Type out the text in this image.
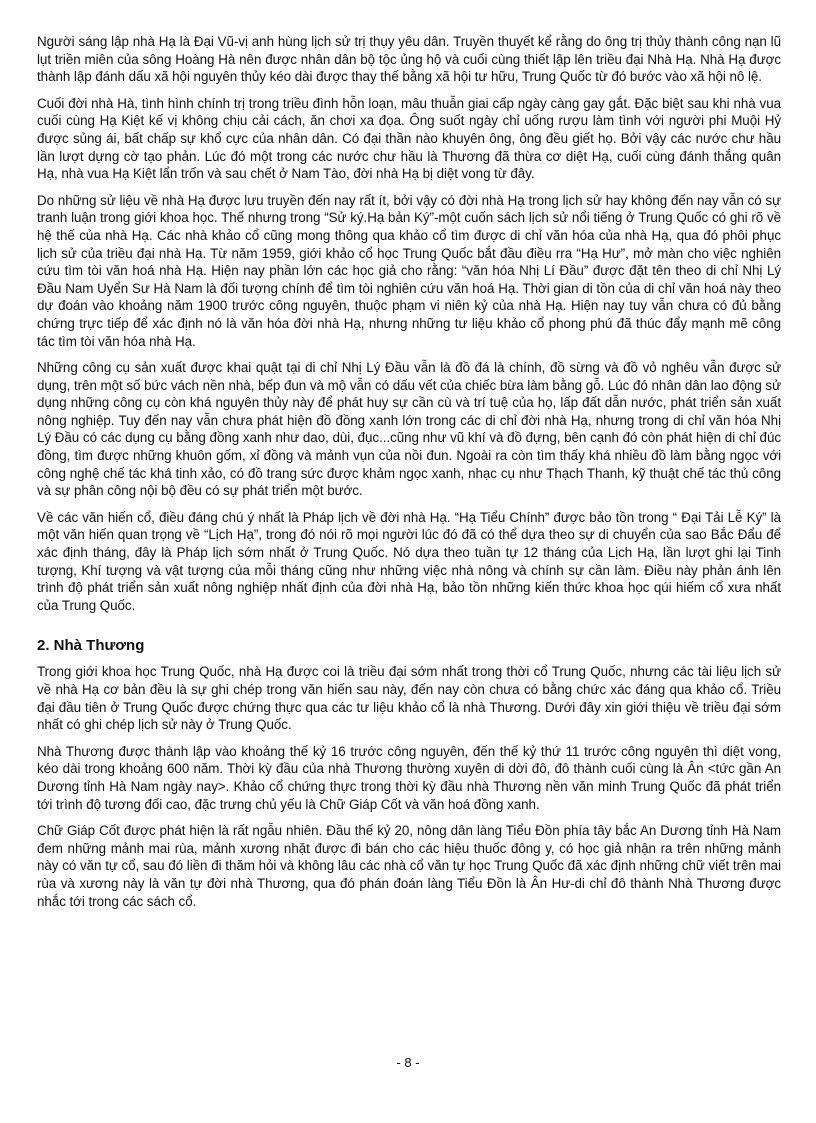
Người sáng lập nhà Hạ là Đại Vũ-vị anh hùng lịch sử trị thụy yêu dân. Truyền thuyết kể rằng do ông trị thủy thành công nạn lũ lụt triền miên của sông Hoàng Hà nên được nhân dân bộ tộc ủng hộ và cuối cùng thiết lập lên triều đại Nhà Hạ. Nhà Hạ được thành lập đánh dấu xã hội nguyên thủy kéo dài được thay thế bằng xã hội tư hữu, Trung Quốc từ đó bước vào xã hội nô lệ.

Cuối đời nhà Hà, tình hình chính trị trong triều đình hỗn loạn, mâu thuẫn giai cấp ngày càng gay gắt. Đặc biệt sau khi nhà vua cuối cùng Hạ Kiệt kế vị không chịu cải cách, ăn chơi xa đọa. Ông suốt ngày chỉ uống rượu làm tình với người phi Muội Hỷ được sủng ái, bất chấp sự khổ cực của nhân dân. Có đại thần nào khuyên ông, ông đều giết họ. Bởi vậy các nước chư hầu lần lượt dựng cờ tạo phản. Lúc đó một trong các nước chư hầu là Thương đã thừa cơ diệt Hạ, cuối cùng đánh thắng quân Hạ, nhà vua Hạ Kiệt lẩn trốn và sau chết ở Nam Tào, đời nhà Hạ bị diệt vong từ đây.

Do những sử liệu về nhà Hạ được lưu truyền đến nay rất ít, bởi vậy có đời nhà Hạ trong lịch sử hay không đến nay vẫn có sự tranh luận trong giới khoa học. Thế nhưng trong “Sử ký.Hạ bản Ký”-một cuốn sách lịch sử nổi tiếng ở Trung Quốc có ghi rõ về hệ thế của nhà Hạ. Các nhà khảo cổ cũng mong thông qua khảo cổ tìm được di chỉ văn hóa của nhà Hạ, qua đó phôi phục lịch sử của triều đại nhà Hạ. Từ năm 1959, giới khảo cổ học Trung Quốc bắt đầu điều rra “Hạ Hư”, mở màn cho việc nghiên cứu tìm tòi văn hoá nhà Hạ. Hiện nay phần lớn các học giả cho rằng: “văn hóa Nhị Lí Đầu” được đặt tên theo di chỉ Nhị Lý Đầu Nam Uyển Sư Hà Nam là đối tượng chính để tìm tòi nghiên cứu văn hoá Hạ. Thời gian di tồn của di chỉ văn hoá này theo dự đoán vào khoảng năm 1900 trước công nguyên, thuộc phạm vi niên kỷ của nhà Hạ. Hiện nay tuy vẫn chưa có đủ bằng chứng trực tiếp để xác định nó là văn hóa đời nhà Hạ, nhưng những tư liệu khảo cổ phong phú đã thúc đẩy mạnh mẽ công tác tìm tòi văn hóa nhà Hạ.

Những công cụ sản xuất được khai quật tại di chỉ Nhị Lý Đầu vẫn là đồ đá là chính, đồ sừng và đồ vỏ nghêu vẫn được sử dụng, trên một số bức vách nền nhà, bếp đun và mộ vẫn có dấu vết của chiếc bừa làm bằng gỗ. Lúc đó nhân dân lao động sử dụng những công cụ còn khá nguyên thủy này để phát huy sự cần cù và trí tuệ của họ, lấp đất dẫn nước, phát triển sản xuất nông nghiệp. Tuy đến nay vẫn chưa phát hiện đồ đồng xanh lớn trong các di chỉ đời nhà Hạ, nhưng trong di chỉ văn hóa Nhị Lý Đầu có các dụng cụ bằng đồng xanh như dao, dùi, đục...cũng như vũ khí và đồ đựng, bên cạnh đó còn phát hiện di chỉ đúc đồng, tìm được những khuôn gốm, xỉ đồng và mảnh vụn của nồi đun. Ngoài ra còn tìm thấy khá nhiều đồ làm bằng ngọc với công nghệ chế tác khá tinh xảo, có đồ trang sức được khảm ngọc xanh, nhạc cụ như Thạch Thanh, kỹ thuật chế tác thủ công và sự phân công nội bộ đều có sự phát triển một bước.

Về các văn hiến cổ, điều đáng chú ý nhất là Pháp lịch về đời nhà Hạ. “Hạ Tiểu Chính” được bảo tồn trong “ Đại Tải Lễ Ký” là một văn hiến quan trọng về “Lịch Hạ”, trong đó nói rõ mọi người lúc đó đã có thể dựa theo sự di chuyển của sao Bắc Đẩu để xác định tháng, đây là Pháp lịch sớm nhất ở Trung Quốc. Nó dựa theo tuần tự 12 tháng của Lịch Hạ, lần lượt ghi lại Tinh tượng, Khí tượng và vật tượng của mỗi tháng cũng như những việc nhà nông và chính sự cần làm. Điều này phản ánh lên trình độ phát triển sản xuất nông nghiệp nhất định của đời nhà Hạ, bảo tồn những kiến thức khoa học qúi hiếm cổ xưa nhất của Trung Quốc.

2. Nhà Thương

Trong giới khoa học Trung Quốc, nhà Hạ được coi là triều đại sớm nhất trong thời cổ Trung Quốc, nhưng các tài liệu lịch sử về nhà Hạ cơ bản đều là sự ghi chép trong văn hiến sau này, đến nay còn chưa có bằng chức xác đáng qua khảo cổ. Triều đại đầu tiên ở Trung Quốc được chứng thực qua các tư liệu khảo cổ là nhà Thương. Dưới đây xin giới thiệu về triều đại sớm nhất có ghi chép lịch sử này ở Trung Quốc.

Nhà Thương được thành lập vào khoảng thế kỷ 16 trước công nguyên, đến thế kỷ thứ 11 trước công nguyên thì diệt vong, kéo dài trong khoảng 600 năm. Thời kỳ đầu của nhà Thương thường xuyên di dời đô, đô thành cuối cùng là Ân <tức gần An Dương tỉnh Hà Nam ngày nay>. Khảo cổ chứng thực trong thời kỳ đầu nhà Thương nền văn minh Trung Quốc đã phát triển tới trình độ tương đối cao, đặc trưng chủ yếu là Chữ Giáp Cốt và văn hoá đồng xanh.

Chữ Giáp Cốt được phát hiện là rất ngẫu nhiên. Đầu thế kỷ 20, nông dân làng Tiểu Đồn phía tây bắc An Dương tỉnh Hà Nam đem những mảnh mai rùa, mảnh xương nhặt được đi bán cho các hiệu thuốc đông y, có học giả nhận ra trên những mảnh này có văn tự cổ, sau đó liền đi thăm hỏi và không lâu các nhà cổ văn tự học Trung Quốc đã xác định những chữ viết trên mai rùa và xương này là văn tự đời nhà Thương, qua đó phán đoán làng Tiểu Đồn là Ân Hư-di chỉ đô thành Nhà Thương được nhắc tới trong các sách cổ.

- 8 -
